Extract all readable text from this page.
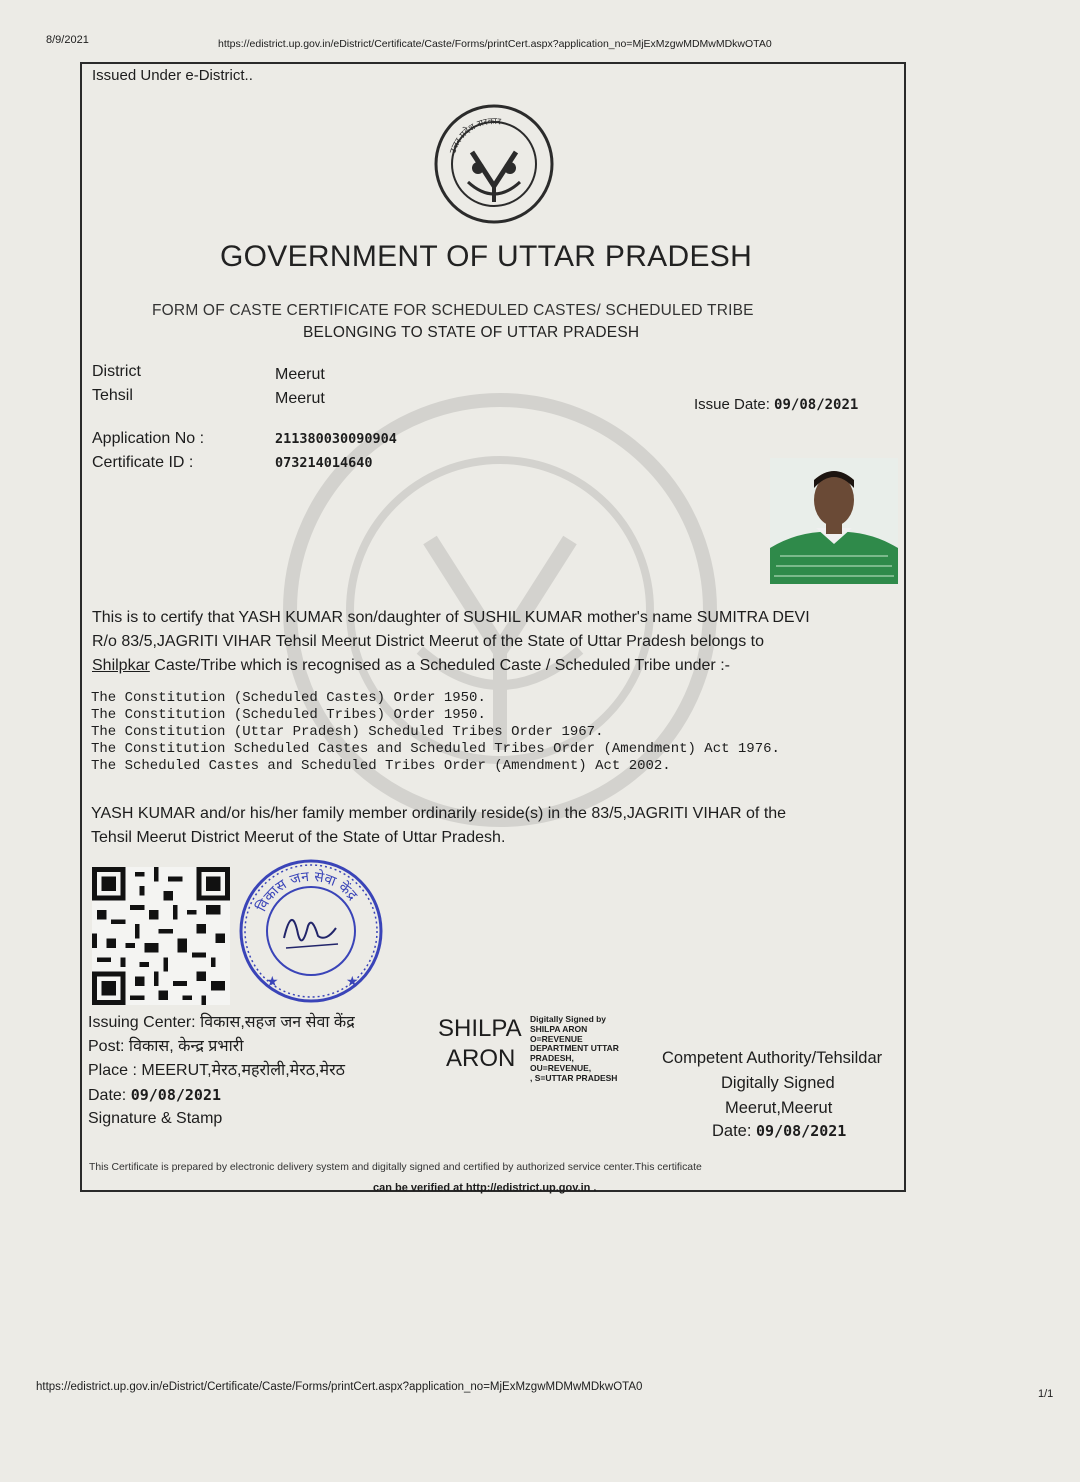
8/9/2021	https://edistrict.up.gov.in/eDistrict/Certificate/Caste/Forms/printCert.aspx?application_no=MjExMzgwMDMwMDkwOTA0
Issued Under e-District..
उत्तर प्रदेश सरकार
GOVERNMENT OF UTTAR PRADESH
FORM OF CASTE CERTIFICATE FOR SCHEDULED CASTES/ SCHEDULED TRIBE
BELONGING TO STATE OF UTTAR PRADESH
District	Meerut
Tehsil	Meerut	Issue Date: 09/08/2021
Application No :	211380030090904
Certificate ID :	073214014640
This is to certify that YASH KUMAR son/daughter of SUSHIL KUMAR mother's name SUMITRA DEVI
R/o 83/5,JAGRITI VIHAR Tehsil Meerut District Meerut of the State of Uttar Pradesh belongs to
Shilpkar Caste/Tribe which is recognised as a Scheduled Caste / Scheduled Tribe under :-
The Constitution (Scheduled Castes) Order 1950.
The Constitution (Scheduled Tribes) Order 1950.
The Constitution (Uttar Pradesh) Scheduled Tribes Order 1967.
The Constitution Scheduled Castes and Scheduled Tribes Order (Amendment) Act 1976.
The Scheduled Castes and Scheduled Tribes Order (Amendment) Act 2002.
YASH KUMAR and/or his/her family member ordinarily reside(s) in the 83/5,JAGRITI VIHAR of the
Tehsil Meerut District Meerut of the State of Uttar Pradesh.
विकास जन सेवा केंद्र
★	★
Issuing Center: विकास,सहज जन सेवा केंद्र
Post: विकास, केन्द्र प्रभारी
Place : MEERUT,मेरठ,महरोली,मेरठ,मेरठ
Date: 09/08/2021
Signature & Stamp
SHILPA
ARON
Digitally Signed by
SHILPA ARON
O=REVENUE
DEPARTMENT UTTAR
PRADESH,
OU=REVENUE,
, S=UTTAR PRADESH
Competent Authority/Tehsildar
Digitally Signed
Meerut,Meerut
Date: 09/08/2021
This Certificate is prepared by electronic delivery system and digitally signed and certified by authorized service center.This certificate
can be verified at http://edistrict.up.gov.in .
https://edistrict.up.gov.in/eDistrict/Certificate/Caste/Forms/printCert.aspx?application_no=MjExMzgwMDMwMDkwOTA0
1/1
